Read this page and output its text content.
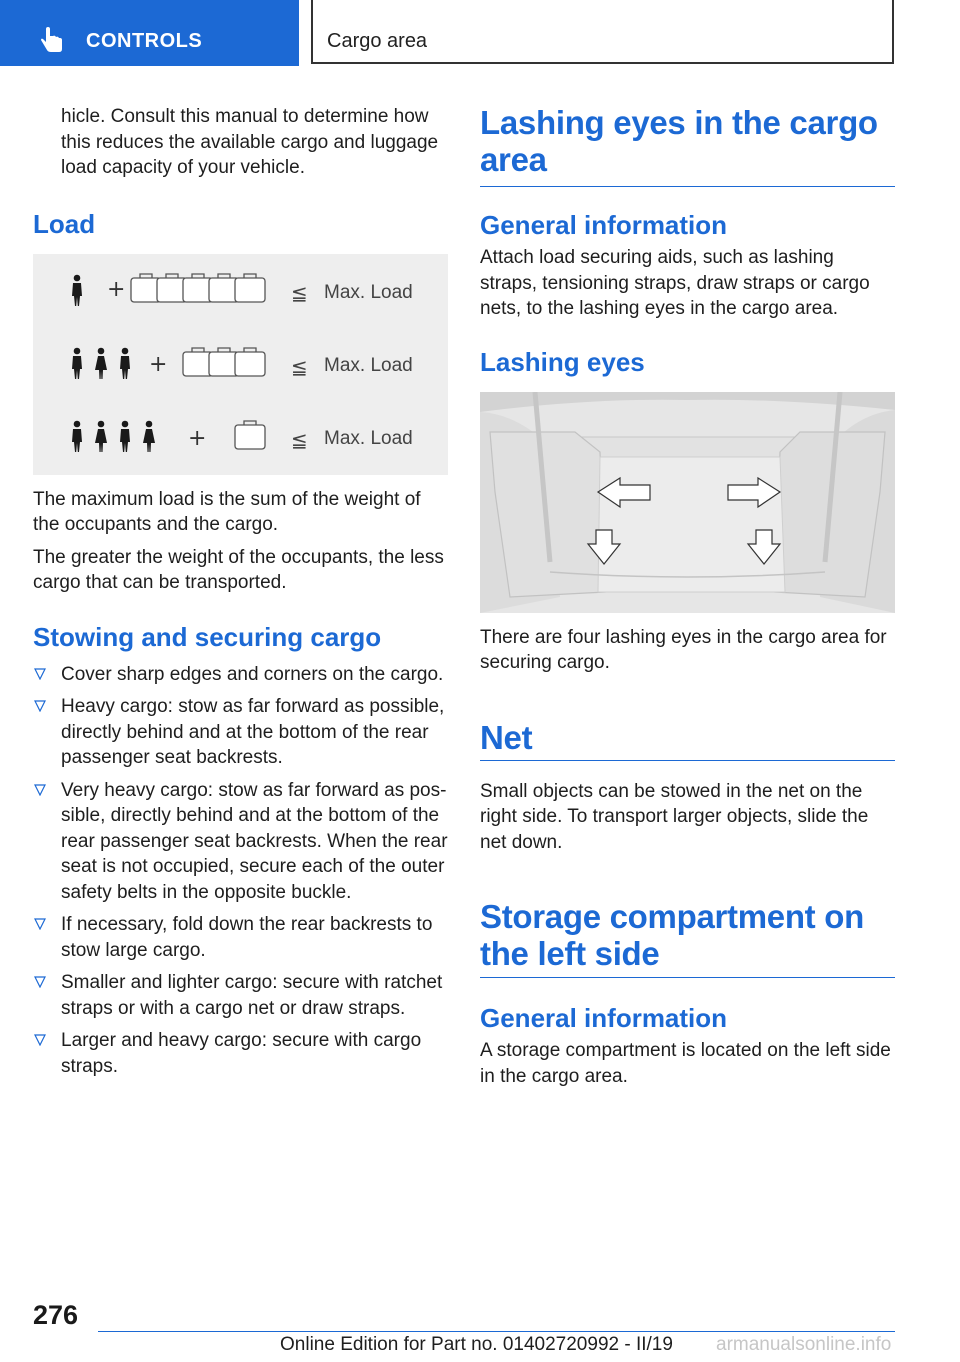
CONTROLS	Cargo area

hicle. Consult this manual to determine how this reduces the available cargo and luggage load capacity of your vehicle.

Load
+	≦ Max. Load
+	≦ Max. Load
+	≦ Max. Load

The maximum load is the sum of the weight of the occupants and the cargo.

The greater the weight of the occupants, the less cargo that can be transported.

Stowing and securing cargo
Cover sharp edges and corners on the cargo.
Heavy cargo: stow as far forward as possible, directly behind and at the bottom of the rear passenger seat backrests.
Very heavy cargo: stow as far forward as possible, directly behind and at the bottom of the rear passenger seat backrests. When the rear seat is not occupied, secure each of the outer safety belts in the opposite buckle.
If necessary, fold down the rear backrests to stow large cargo.
Smaller and lighter cargo: secure with ratchet straps or with a cargo net or draw straps.
Larger and heavy cargo: secure with cargo straps.
Lashing eyes in the cargo area
General information

Attach load securing aids, such as lashing straps, tensioning straps, draw straps or cargo nets, to the lashing eyes in the cargo area.

Lashing eyes

There are four lashing eyes in the cargo area for securing cargo.

Net

Small objects can be stowed in the net on the right side. To transport larger objects, slide the net down.

Storage compartment on the left side
General information

A storage compartment is located on the left side in the cargo area.

276
Online Edition for Part no. 01402720992 - II/19 armanualsonline.info
